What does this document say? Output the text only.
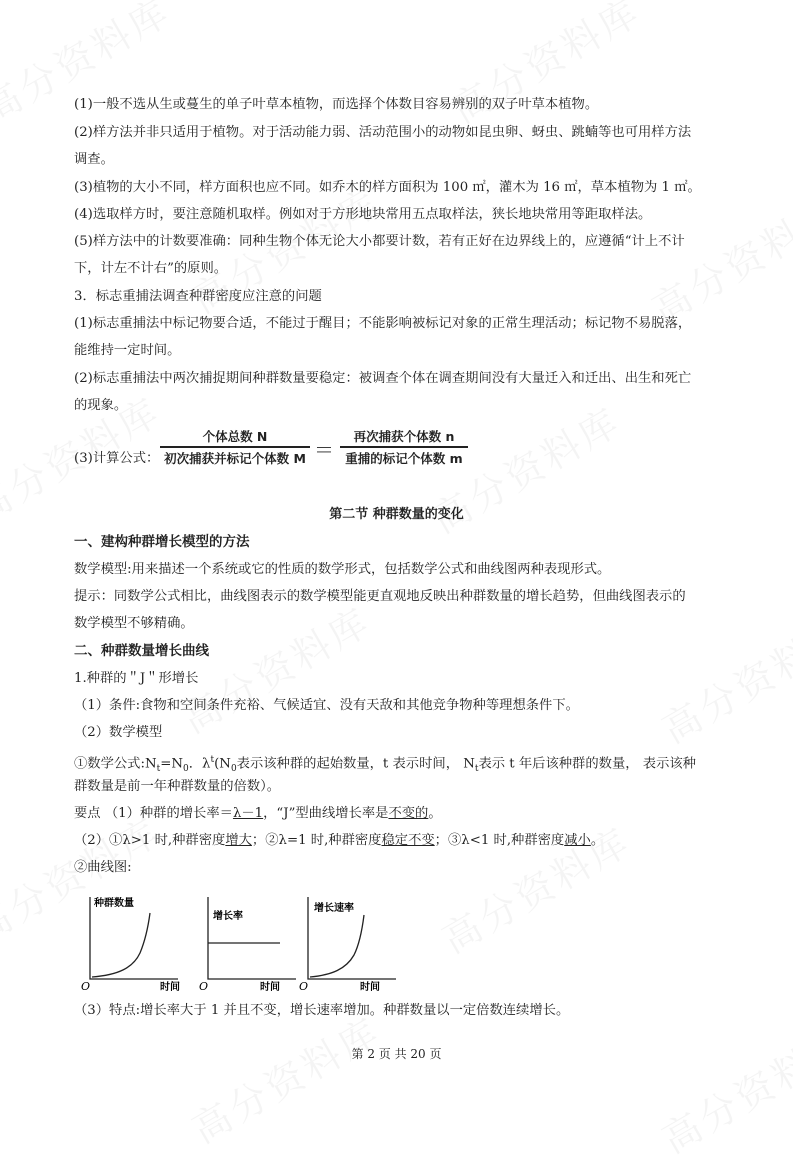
(1)一般不选从生或蔓生的单子叶草本植物，而选择个体数目容易辨别的双子叶草本植物。
(2)样方法并非只适用于植物。对于活动能力弱、活动范围小的动物如昆虫卵、蚜虫、跳蝻等也可用样方法
调查。
(3)植物的大小不同，样方面积也应不同。如乔木的样方面积为 100 ㎡，灌木为 16 ㎡，草本植物为 1 ㎡。
(4)选取样方时，要注意随机取样。例如对于方形地块常用五点取样法，狭长地块常用等距取样法。
(5)样方法中的计数要准确：同种生物个体无论大小都要计数，若有正好在边界线上的，应遵循“计上不计
下，计左不计右”的原则。
3．标志重捕法调查种群密度应注意的问题
(1)标志重捕法中标记物要合适，不能过于醒目；不能影响被标记对象的正常生理活动；标记物不易脱落，
能维持一定时间。
(2)标志重捕法中两次捕捉期间种群数量要稳定：被调查个体在调查期间没有大量迁入和迁出、出生和死亡
的现象。
(3)计算公式：
个体总数 N
初次捕获并标记个体数 M ＝
再次捕获个体数 n
重捕的标记个体数 m
第二节 种群数量的变化
一、建构种群增长模型的方法
数学模型:用来描述一个系统或它的性质的数学形式，包括数学公式和曲线图两种表现形式。
提示：同数学公式相比，曲线图表示的数学模型能更直观地反映出种群数量的增长趋势，但曲线图表示的
数学模型不够精确。
二、种群数量增长曲线
1.种群的＂J＂形增长
（1）条件:食物和空间条件充裕、气候适宜、没有天敌和其他竞争物种等理想条件下。
（2）数学模型
①数学公式$:N_t=N_0$．$\lambda^t(N_0$表示该种群的起始数量，t 表示时间， $N_t$表示 t 年后该种群的数量， 表示该种
群数量是前一年种群数量的倍数）。
要点 （1）种群的增长率＝λ－1，“J”型曲线增长率是不变的。
（2）①λ>1 时,种群密度增大；②λ=1 时,种群密度稳定不变；③λ<1 时,种群密度减小。
②曲线图:
种群数量
O	时间
增长率
O	时间
增长速率
O	时间
（3）特点:增长率大于 1 并且不变，增长速率增加。种群数量以一定倍数连续增长。
第 2 页 共 20 页
